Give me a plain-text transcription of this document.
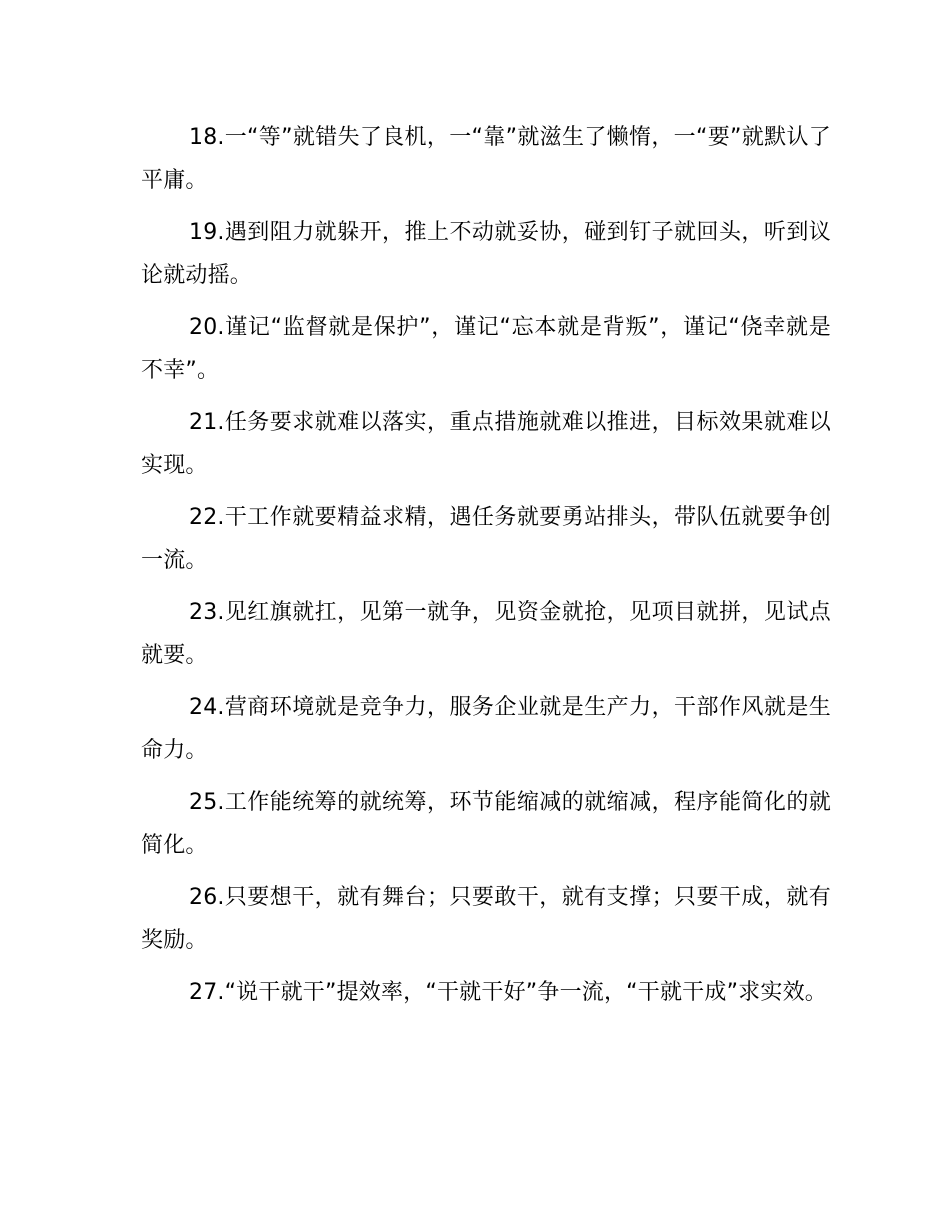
18.一“等”就错失了良机，一“靠”就滋生了懒惰，一“要”就默认了平庸。

19.遇到阻力就躲开，推上不动就妥协，碰到钉子就回头，听到议论就动摇。

20.谨记“监督就是保护”，谨记“忘本就是背叛”，谨记“侥幸就是不幸”。

21.任务要求就难以落实，重点措施就难以推进，目标效果就难以实现。

22.干工作就要精益求精，遇任务就要勇站排头，带队伍就要争创一流。

23.见红旗就扛，见第一就争，见资金就抢，见项目就拼，见试点就要。

24.营商环境就是竞争力，服务企业就是生产力，干部作风就是生命力。

25.工作能统筹的就统筹，环节能缩减的就缩减，程序能简化的就简化。

26.只要想干，就有舞台；只要敢干，就有支撑；只要干成，就有奖励。

27.“说干就干”提效率，“干就干好”争一流，“干就干成”求实效。
